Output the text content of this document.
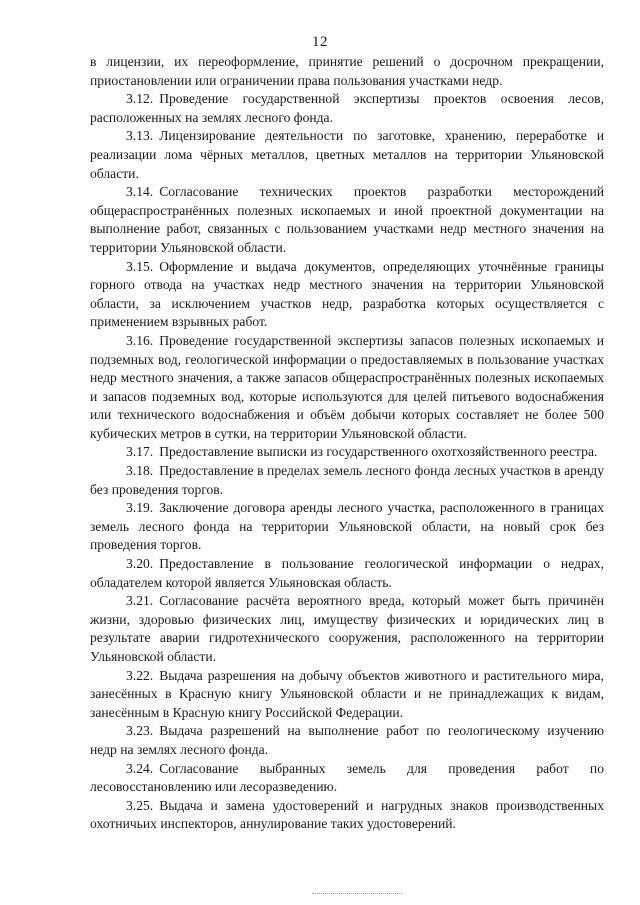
12

в лицензии, их переоформление, принятие решений о досрочном прекращении, приостановлении или ограничении права пользования участками недр.

3.12. Проведение государственной экспертизы проектов освоения лесов, расположенных на землях лесного фонда.

3.13. Лицензирование деятельности по заготовке, хранению, переработке и реализации лома чёрных металлов, цветных металлов на территории Ульяновской области.

3.14. Согласование технических проектов разработки месторождений общераспространённых полезных ископаемых и иной проектной документации на выполнение работ, связанных с пользованием участками недр местного значения на территории Ульяновской области.

3.15. Оформление и выдача документов, определяющих уточнённые границы горного отвода на участках недр местного значения на территории Ульяновской области, за исключением участков недр, разработка которых осуществляется с применением взрывных работ.

3.16. Проведение государственной экспертизы запасов полезных ископаемых и подземных вод, геологической информации о предоставляемых в пользование участках недр местного значения, а также запасов общераспространённых полезных ископаемых и запасов подземных вод, которые используются для целей питьевого водоснабжения или технического водоснабжения и объём добычи которых составляет не более 500 кубических метров в сутки, на территории Ульяновской области.

3.17. Предоставление выписки из государственного охотхозяйственного реестра.

3.18. Предоставление в пределах земель лесного фонда лесных участков в аренду без проведения торгов.

3.19. Заключение договора аренды лесного участка, расположенного в границах земель лесного фонда на территории Ульяновской области, на новый срок без проведения торгов.

3.20. Предоставление в пользование геологической информации о недрах, обладателем которой является Ульяновская область.

3.21. Согласование расчёта вероятного вреда, который может быть причинён жизни, здоровью физических лиц, имуществу физических и юридических лиц в результате аварии гидротехнического сооружения, расположенного на территории Ульяновской области.

3.22. Выдача разрешения на добычу объектов животного и растительного мира, занесённых в Красную книгу Ульяновской области и не принадлежащих к видам, занесённым в Красную книгу Российской Федерации.

3.23. Выдача разрешений на выполнение работ по геологическому изучению недр на землях лесного фонда.

3.24. Согласование выбранных земель для проведения работ по лесовосстановлению или лесоразведению.

3.25. Выдача и замена удостоверений и нагрудных знаков производственных охотничьих инспекторов, аннулирование таких удостоверений.
